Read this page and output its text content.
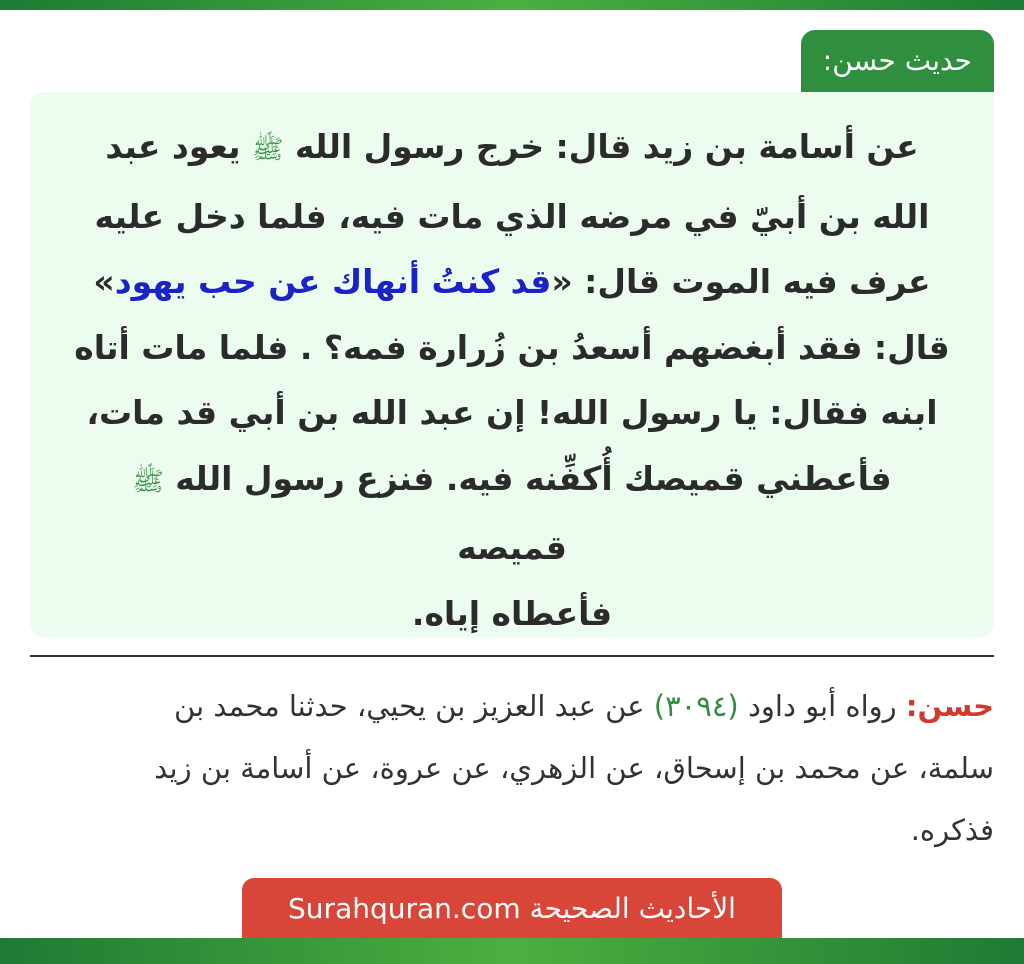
حديث حسن:
عن أسامة بن زيد قال: خرج رسول الله ﷺ يعود عبد
الله بن أبيّ في مرضه الذي مات فيه، فلما دخل عليه
عرف فيه الموت قال: «قد كنتُ أنهاك عن حب يهود»
قال: فقد أبغضهم أسعدُ بن زُرارة فمه؟ . فلما مات أتاه
ابنه فقال: يا رسول الله! إن عبد الله بن أبي قد مات،
فأعطني قميصك أُكفِّنه فيه. فنزع رسول الله ﷺ
قميصه
فأعطاه إياه.
حسن: رواه أبو داود (٣٠٩٤) عن عبد العزيز بن يحيي، حدثنا محمد بن
سلمة، عن محمد بن إسحاق، عن الزهري، عن عروة، عن أسامة بن زيد
فذكره.
الأحاديث الصحيحة Surahquran.com
